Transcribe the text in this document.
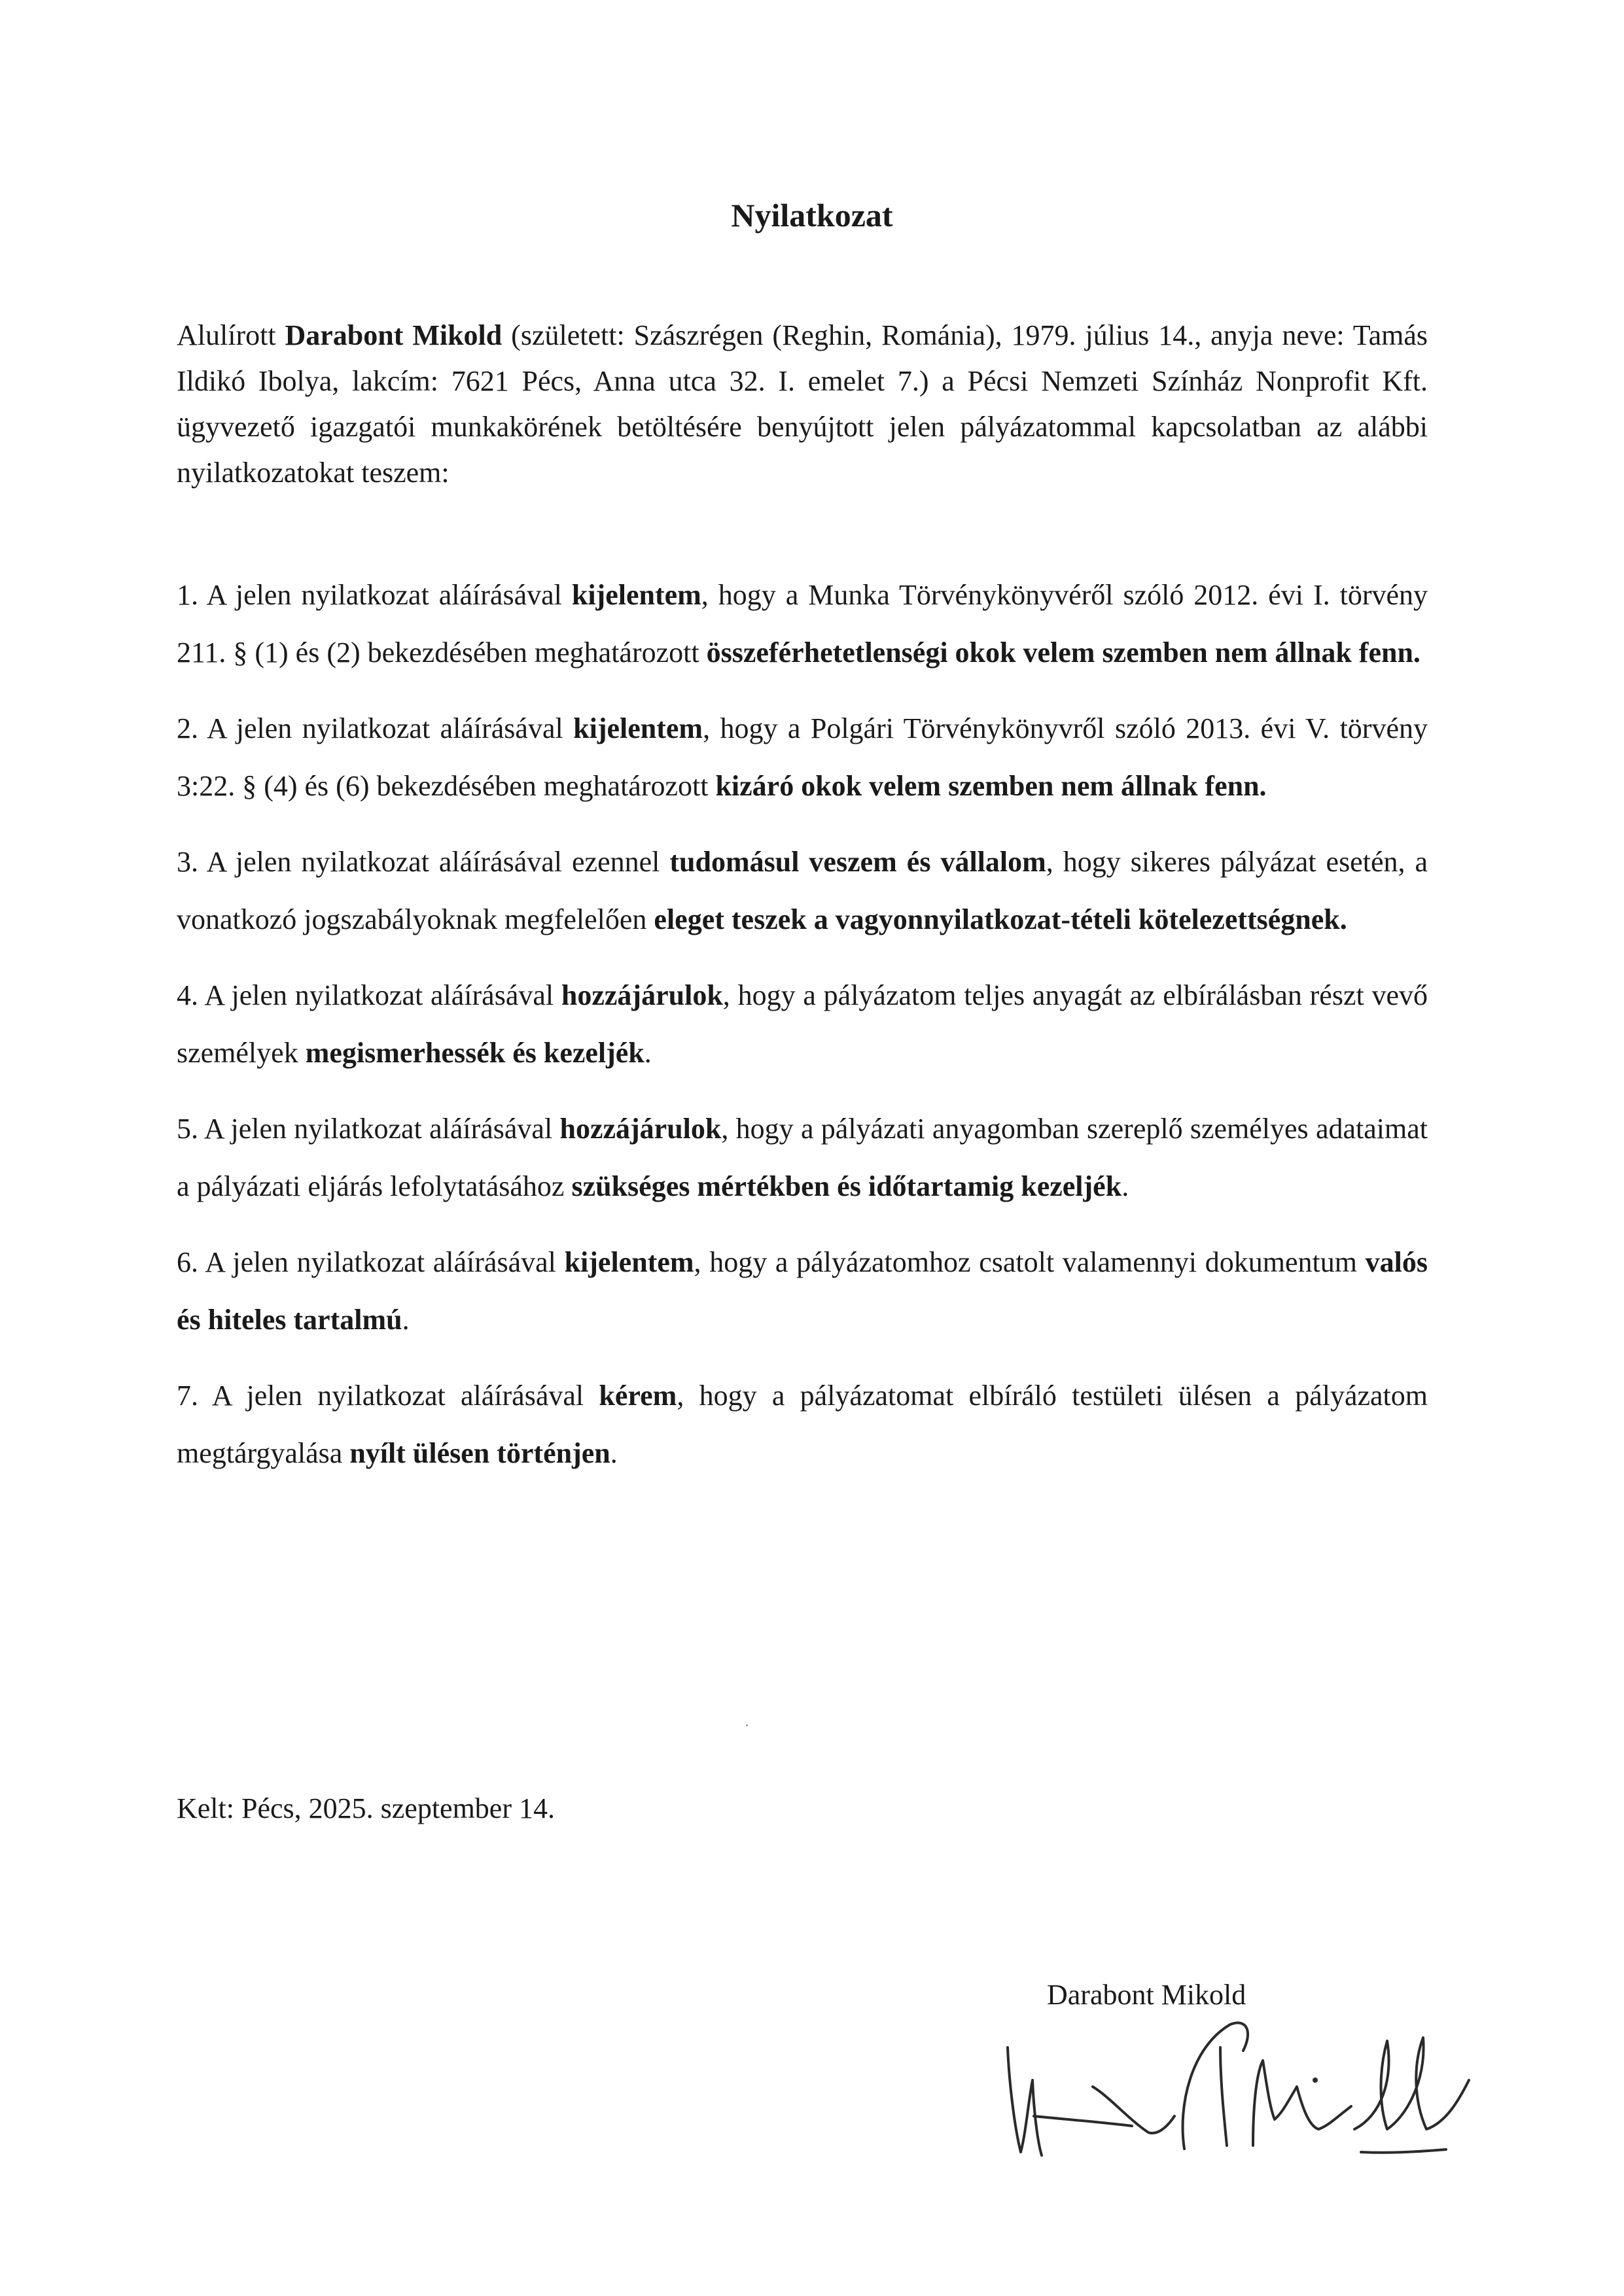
Nyilatkozat

Alulírott Darabont Mikold (született: Szászrégen (Reghin, Románia), 1979. július 14., anyja neve: Tamás Ildikó Ibolya, lakcím: 7621 Pécs, Anna utca 32. I. emelet 7.) a Pécsi Nemzeti Színház Nonprofit Kft. ügyvezető igazgatói munkakörének betöltésére benyújtott jelen pályázatommal kapcsolatban az alábbi nyilatkozatokat teszem:

1. A jelen nyilatkozat aláírásával kijelentem, hogy a Munka Törvénykönyvéről szóló 2012. évi I. törvény 211. § (1) és (2) bekezdésében meghatározott összeférhetetlenségi okok velem szemben nem állnak fenn.
2. A jelen nyilatkozat aláírásával kijelentem, hogy a Polgári Törvénykönyvről szóló 2013. évi V. törvény 3:22. § (4) és (6) bekezdésében meghatározott kizáró okok velem szemben nem állnak fenn.
3. A jelen nyilatkozat aláírásával ezennel tudomásul veszem és vállalom, hogy sikeres pályázat esetén, a vonatkozó jogszabályoknak megfelelően eleget teszek a vagyonnyilatkozat-tételi kötelezettségnek.
4. A jelen nyilatkozat aláírásával hozzájárulok, hogy a pályázatom teljes anyagát az elbírálásban részt vevő személyek megismerhessék és kezeljék.
5. A jelen nyilatkozat aláírásával hozzájárulok, hogy a pályázati anyagomban szereplő személyes adataimat a pályázati eljárás lefolytatásához szükséges mértékben és időtartamig kezeljék.
6. A jelen nyilatkozat aláírásával kijelentem, hogy a pályázatomhoz csatolt valamennyi dokumentum valós és hiteles tartalmú.
7. A jelen nyilatkozat aláírásával kérem, hogy a pályázatomat elbíráló testületi ülésen a pályázatom megtárgyalása nyílt ülésen történjen.

Kelt: Pécs, 2025. szeptember 14.

Darabont Mikold
